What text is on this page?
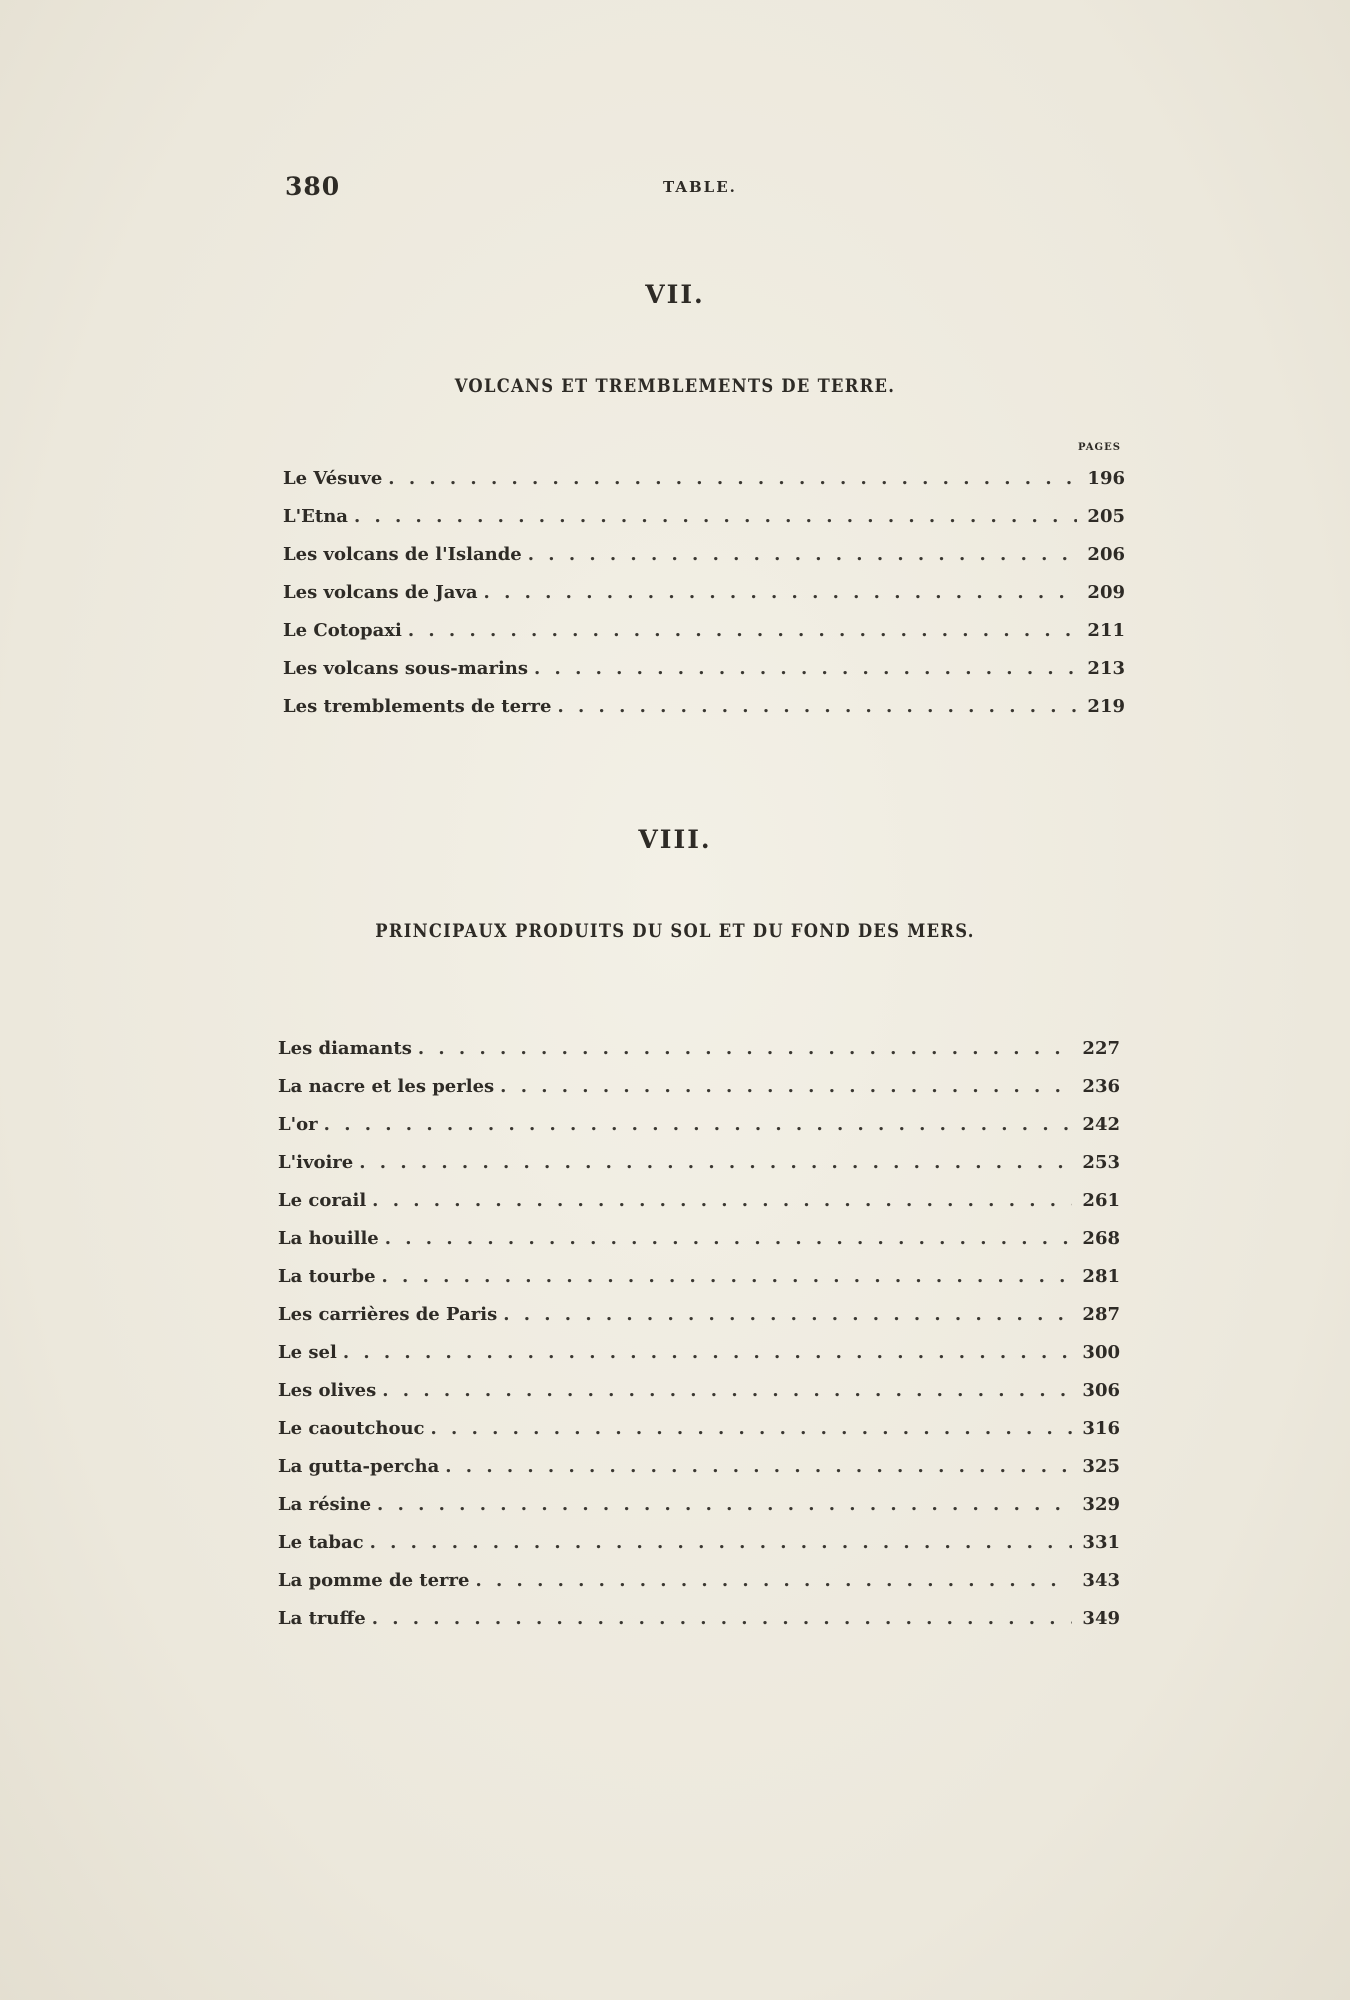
380	TABLE.
VII.
VOLCANS ET TREMBLEMENTS DE TERRE.
PAGES
Le Vésuve . . .	196
L'Etna . . .	205
Les volcans de l'Islande . . .	206
Les volcans de Java . . .	209
Le Cotopaxi . . .	211
Les volcans sous-marins . . .	213
Les tremblements de terre . . .	219
VIII.
PRINCIPAUX PRODUITS DU SOL ET DU FOND DES MERS.
Les diamants . . .	227
La nacre et les perles . . .	236
L'or . . .	242
L'ivoire . . .	253
Le corail . . .	261
La houille . . .	268
La tourbe . . .	281
Les carrières de Paris . . .	287
Le sel . . .	300
Les olives . . .	306
Le caoutchouc . . .	316
La gutta-percha . . .	325
La résine . . .	329
Le tabac . . .	331
La pomme de terre . . .	343
La truffe . . .	349
